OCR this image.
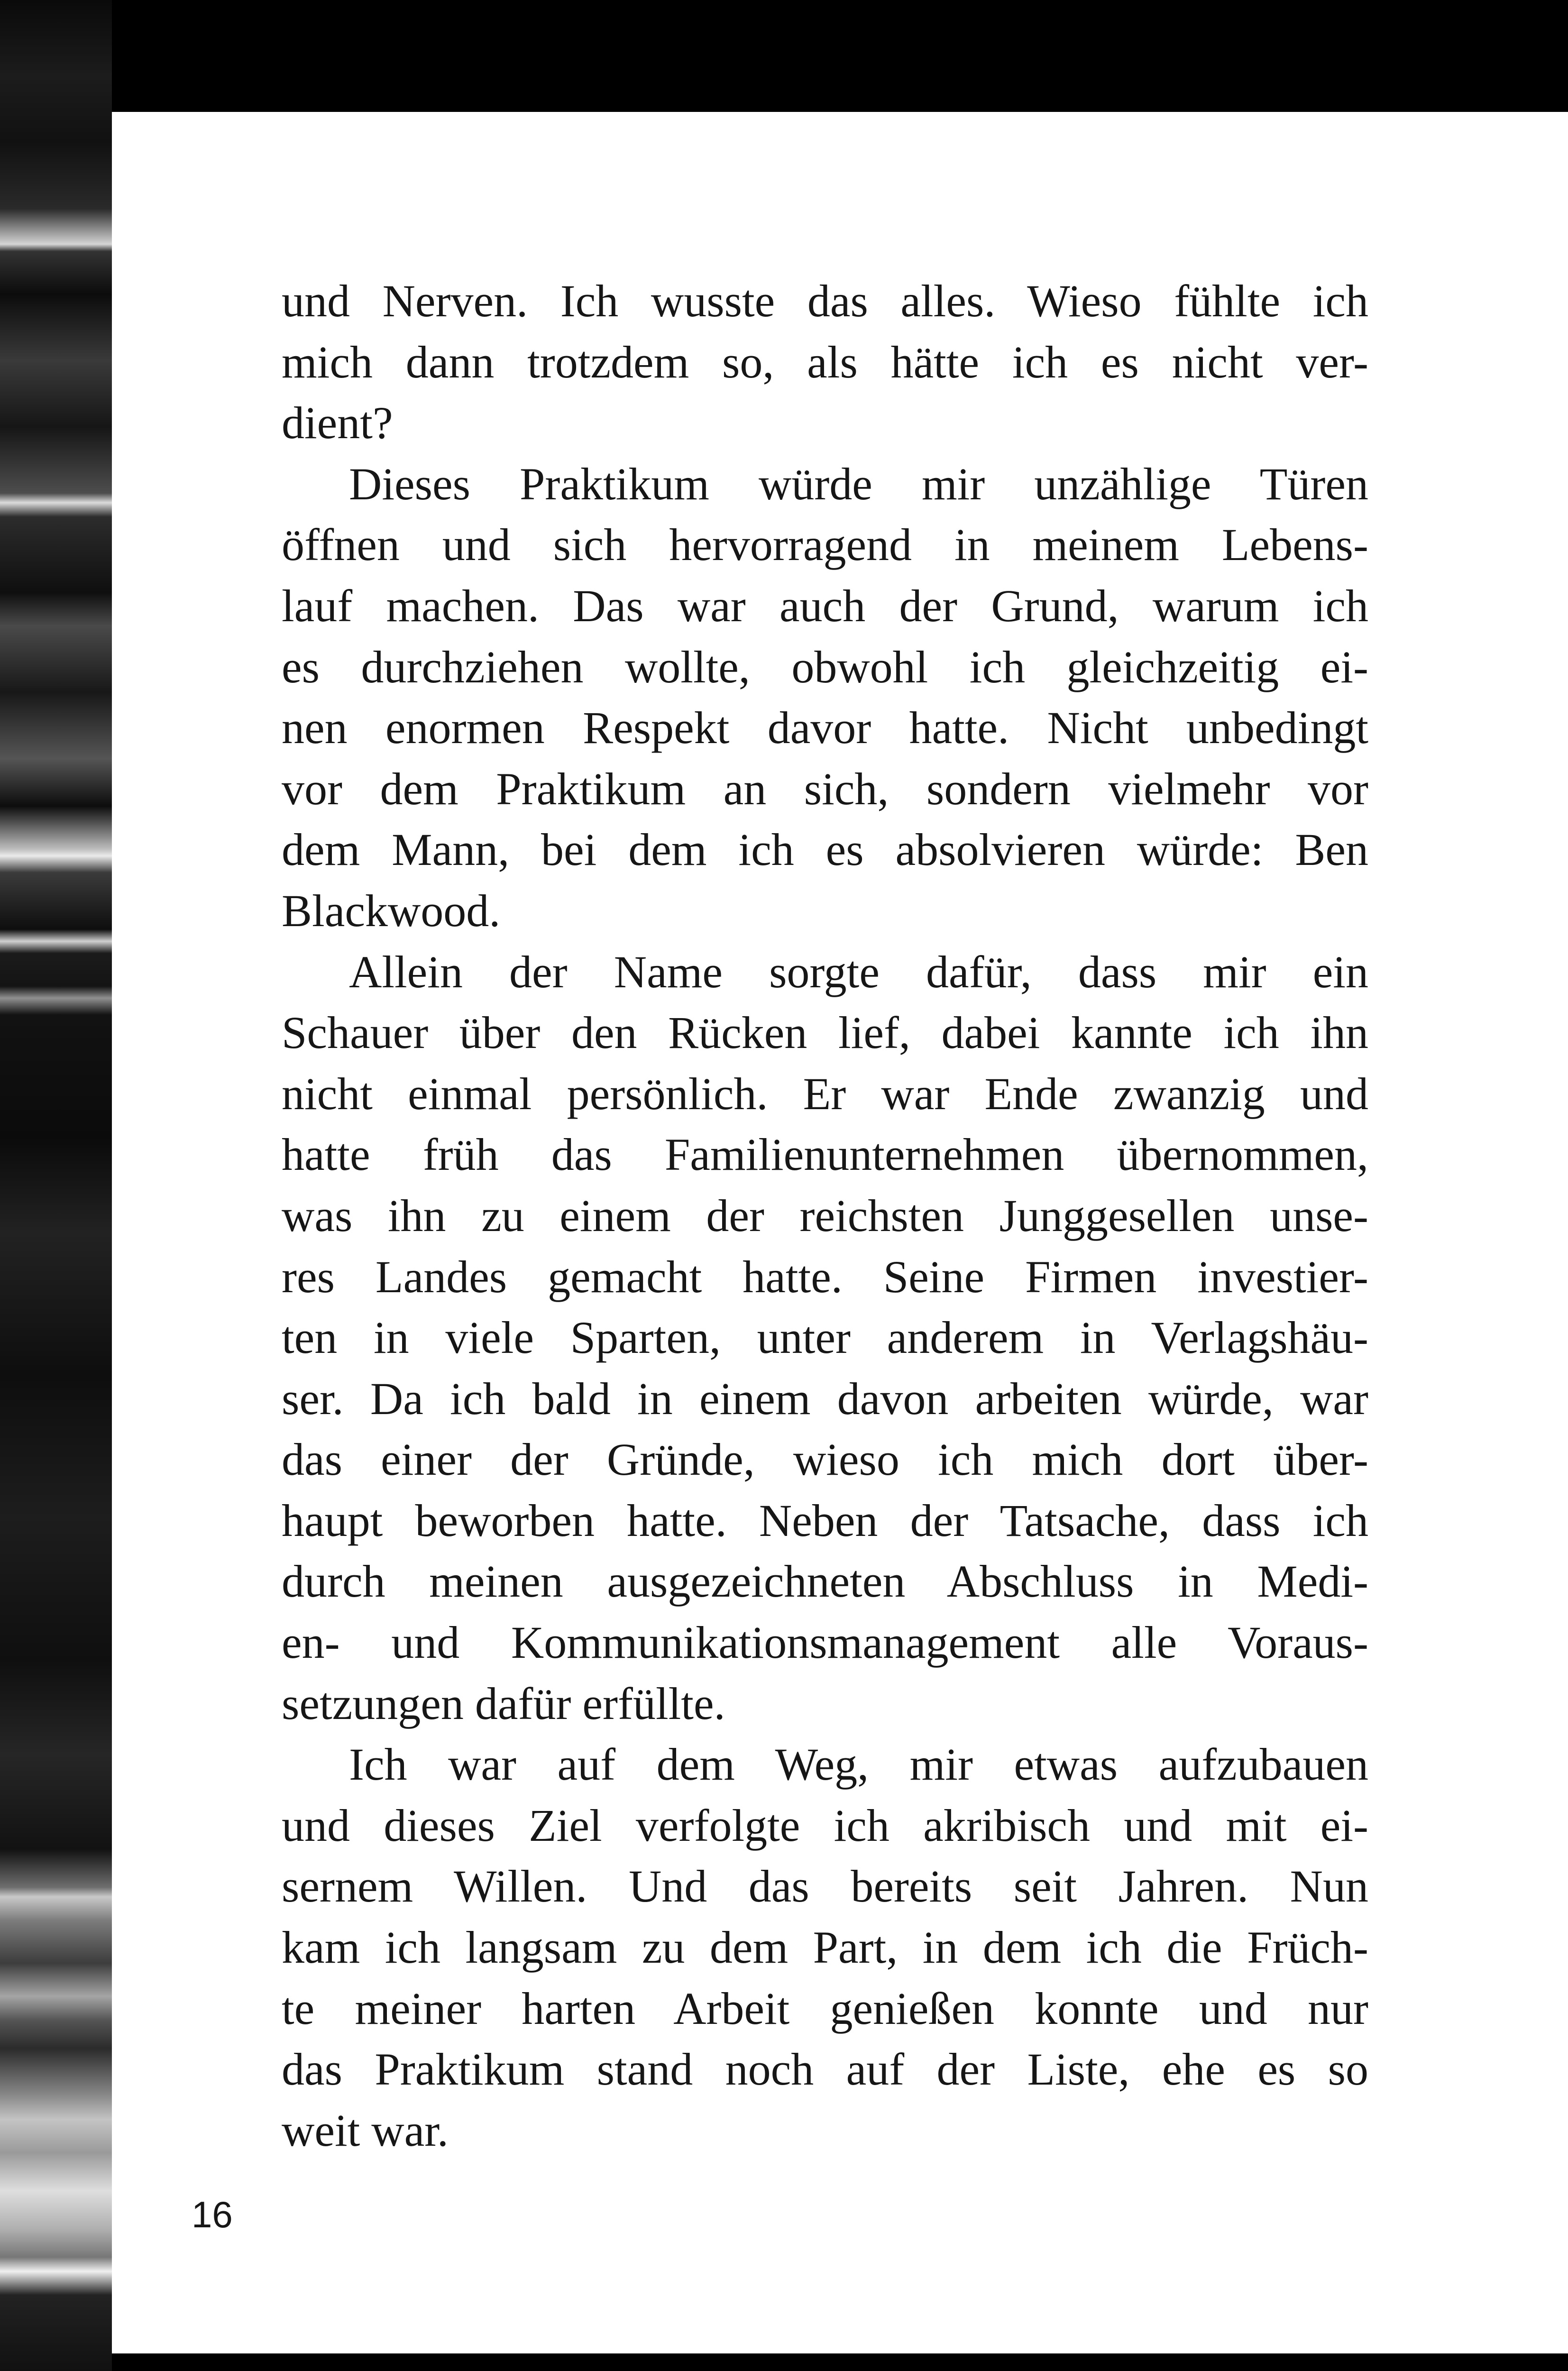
und Nerven. Ich wusste das alles. Wieso fühlte ich
mich dann trotzdem so, als hätte ich es nicht ver-
dient?
Dieses Praktikum würde mir unzählige Türen
öffnen und sich hervorragend in meinem Lebens-
lauf machen. Das war auch der Grund, warum ich
es durchziehen wollte, obwohl ich gleichzeitig ei-
nen enormen Respekt davor hatte. Nicht unbedingt
vor dem Praktikum an sich, sondern vielmehr vor
dem Mann, bei dem ich es absolvieren würde: Ben
Blackwood.
Allein der Name sorgte dafür, dass mir ein
Schauer über den Rücken lief, dabei kannte ich ihn
nicht einmal persönlich. Er war Ende zwanzig und
hatte früh das Familienunternehmen übernommen,
was ihn zu einem der reichsten Junggesellen unse-
res Landes gemacht hatte. Seine Firmen investier-
ten in viele Sparten, unter anderem in Verlagshäu-
ser. Da ich bald in einem davon arbeiten würde, war
das einer der Gründe, wieso ich mich dort über-
haupt beworben hatte. Neben der Tatsache, dass ich
durch meinen ausgezeichneten Abschluss in Medi-
en- und Kommunikationsmanagement alle Voraus-
setzungen dafür erfüllte.
Ich war auf dem Weg, mir etwas aufzubauen
und dieses Ziel verfolgte ich akribisch und mit ei-
sernem Willen. Und das bereits seit Jahren. Nun
kam ich langsam zu dem Part, in dem ich die Früch-
te meiner harten Arbeit genießen konnte und nur
das Praktikum stand noch auf der Liste, ehe es so
weit war.
16
